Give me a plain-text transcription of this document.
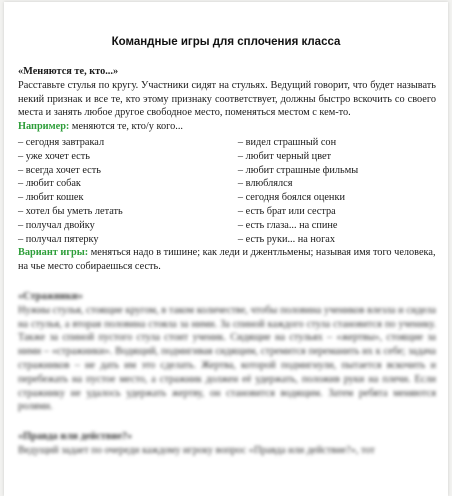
Командные игры для сплочения класса
«Меняются те, кто...»

Расставьте стулья по кругу. Участники сидят на стульях. Ведущий говорит, что будет называть некий признак и все те, кто этому признаку соответствует, должны быстро вскочить со своего места и занять любое другое свободное место, поменяться местом с кем-то.

Например: меняются те, кто/у кого...
– сегодня завтракал
– уже хочет есть
– всегда хочет есть
– любит собак
– любит кошек
– хотел бы уметь летать
– получал двойку
– получал пятерку
– видел страшный сон
– любит черный цвет
– любит страшные фильмы
– влюблялся
– сегодня боялся оценки
– есть брат или сестра
– есть глаза... на спине
– есть руки... на ногах

Вариант игры: меняться надо в тишине; как леди и джентльмены; называя имя того человека, на чье место собираешься сесть.

«Стражники»

Нужны стулья, стоящие кругом, в таком количестве, чтобы половина учеников влезла и сидела на стулья, а вторая половина стояла за ними. За спиной каждого стула становится по ученику. Также за спиной пустого стула стоит ученик. Сидящие на стульях – «жертвы», стоящие за ними – «стражники». Водящий, подмигивая сидящим, стремится переманить их к себе; задача стражников – не дать им это сделать. Жертва, которой подмигнули, пытается вскочить и перебежать на пустое место, а стражник должен её удержать, положив руки на плечи. Если стражнику не удалось удержать жертву, он становится водящим. Затем ребята меняются ролями.

«Правда или действие?»

Ведущий задает по очереди каждому игроку вопрос «Правда или действие?», тот
